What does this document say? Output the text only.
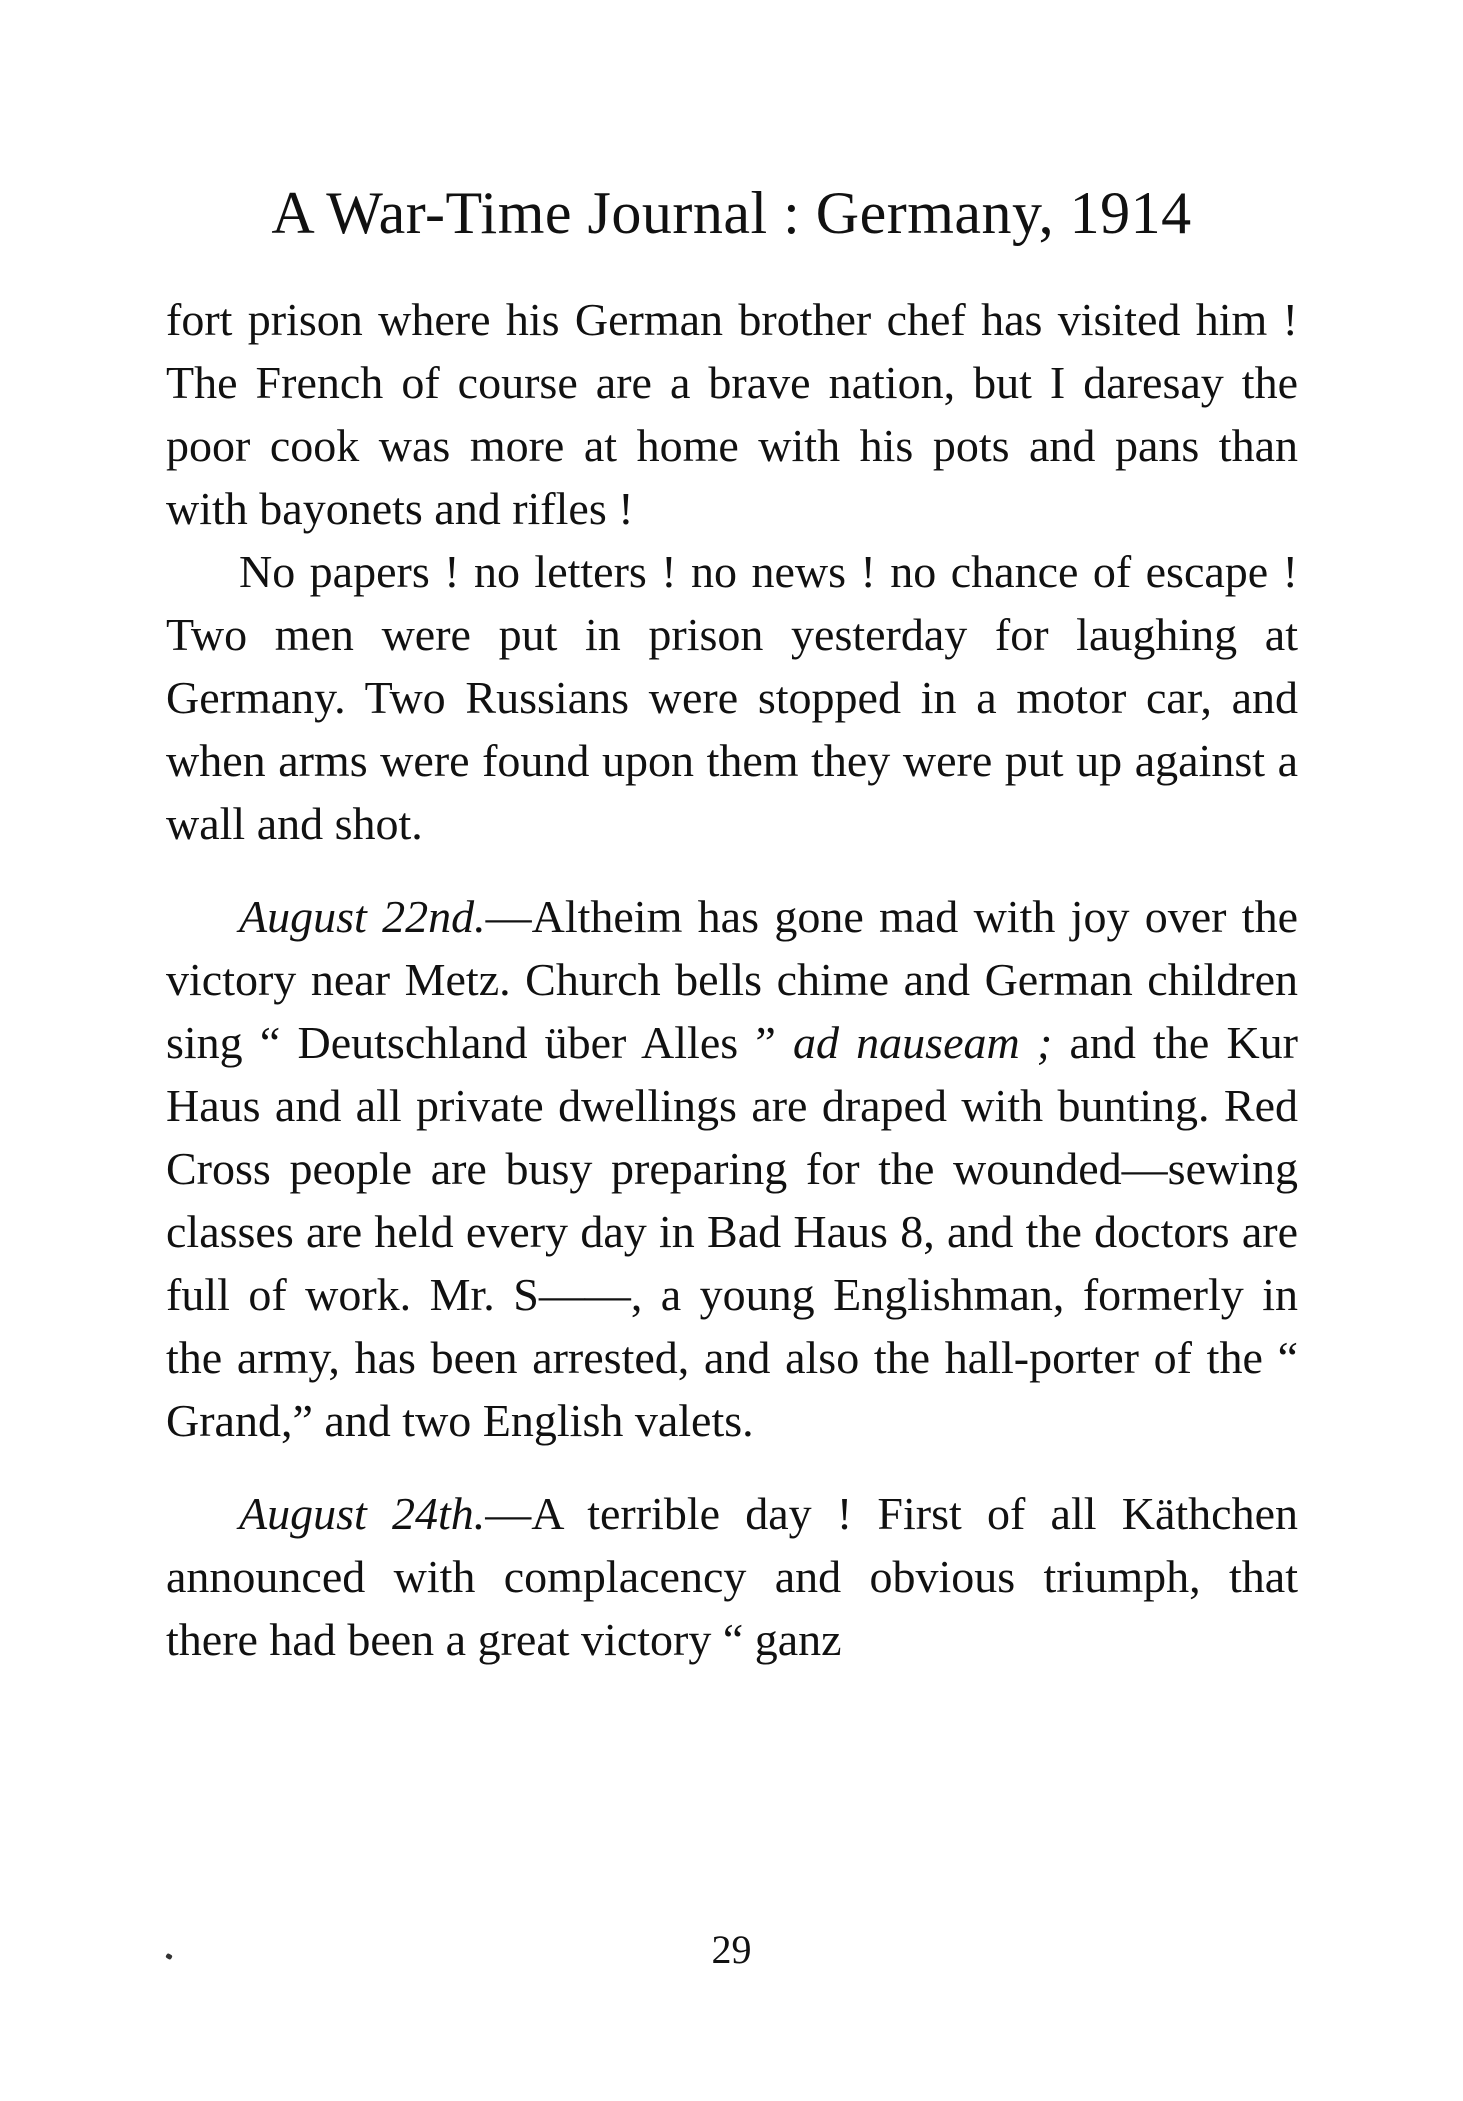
A War-Time Journal : Germany, 1914

fort prison where his German brother chef has visited him ! The French of course are a brave nation, but I daresay the poor cook was more at home with his pots and pans than with bayonets and rifles !

No papers ! no letters ! no news ! no chance of escape ! Two men were put in prison yesterday for laughing at Germany. Two Russians were stopped in a motor car, and when arms were found upon them they were put up against a wall and shot.

August 22nd.—Altheim has gone mad with joy over the victory near Metz. Church bells chime and German children sing “ Deutschland über Alles ” ad nauseam ; and the Kur Haus and all private dwellings are draped with bunting. Red Cross people are busy preparing for the wounded—sewing classes are held every day in Bad Haus 8, and the doctors are full of work. Mr. S——, a young Englishman, formerly in the army, has been arrested, and also the hall-porter of the “ Grand,” and two English valets.

August 24th.—A terrible day ! First of all Käthchen announced with complacency and obvious triumph, that there had been a great victory “ ganz

29
